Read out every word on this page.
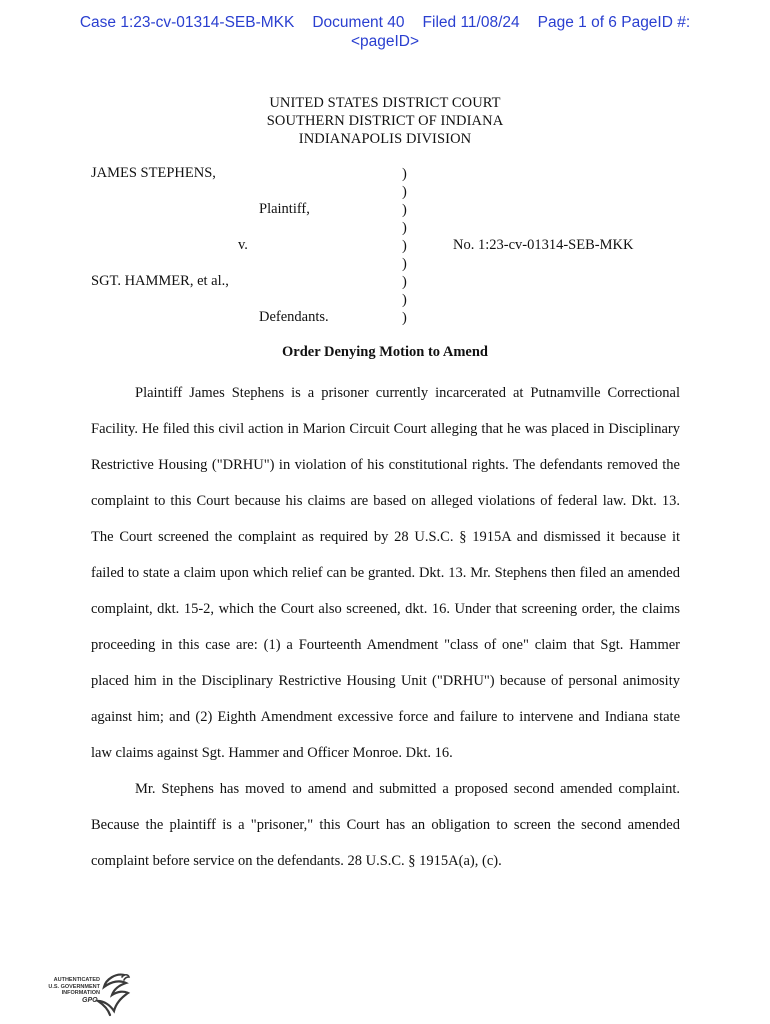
Case 1:23-cv-01314-SEB-MKK Document 40 Filed 11/08/24 Page 1 of 6 PageID #:
<pageID>
UNITED STATES DISTRICT COURT
SOUTHERN DISTRICT OF INDIANA
INDIANAPOLIS DIVISION
JAMES STEPHENS,
Plaintiff,
v.	No. 1:23-cv-01314-SEB-MKK
SGT. HAMMER, et al.,
Defendants.
)
)
)
)
)
)
)
)
)
Order Denying Motion to Amend

Plaintiff James Stephens is a prisoner currently incarcerated at Putnamville Correctional Facility. He filed this civil action in Marion Circuit Court alleging that he was placed in Disciplinary Restrictive Housing ("DRHU") in violation of his constitutional rights. The defendants removed the complaint to this Court because his claims are based on alleged violations of federal law. Dkt. 13. The Court screened the complaint as required by 28 U.S.C. § 1915A and dismissed it because it failed to state a claim upon which relief can be granted. Dkt. 13. Mr. Stephens then filed an amended complaint, dkt. 15-2, which the Court also screened, dkt. 16. Under that screening order, the claims proceeding in this case are: (1) a Fourteenth Amendment "class of one" claim that Sgt. Hammer placed him in the Disciplinary Restrictive Housing Unit ("DRHU") because of personal animosity against him; and (2) Eighth Amendment excessive force and failure to intervene and Indiana state law claims against Sgt. Hammer and Officer Monroe. Dkt. 16.

Mr. Stephens has moved to amend and submitted a proposed second amended complaint. Because the plaintiff is a "prisoner," this Court has an obligation to screen the second amended complaint before service on the defendants. 28 U.S.C. § 1915A(a), (c).

AUTHENTICATED
U.S. GOVERNMENT
INFORMATION
GPO
